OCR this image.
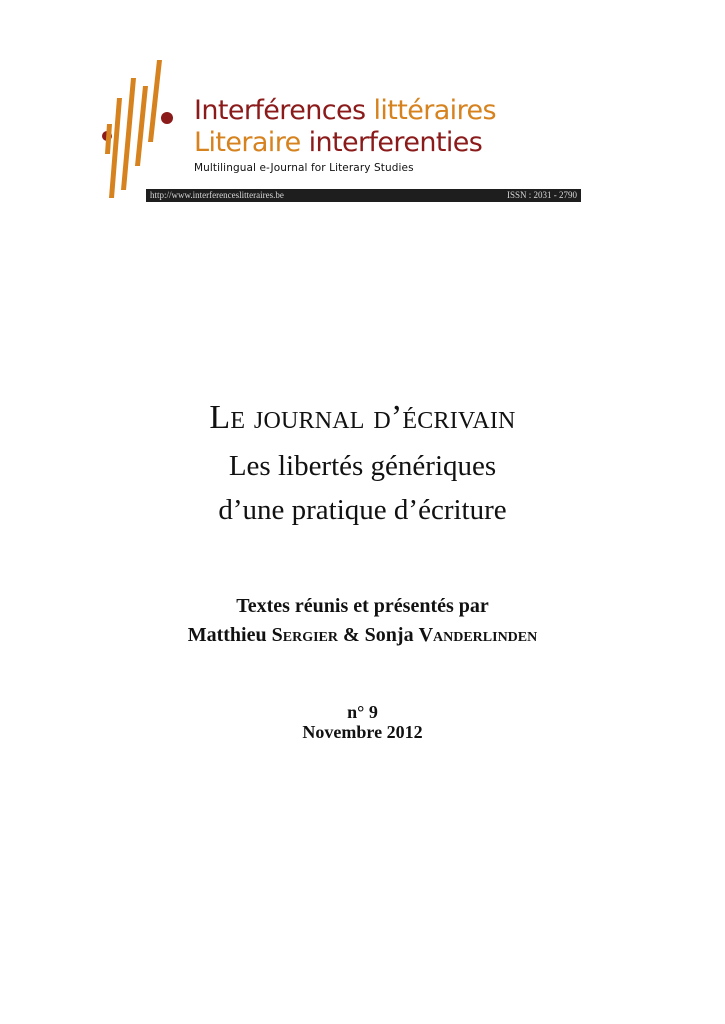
Interférences littéraires
Literaire interferenties
Multilingual e-Journal for Literary Studies
http://www.interferenceslitteraires.be	ISSN : 2031 - 2790
Le journal d’écrivain
Les libertés génériques
d’une pratique d’écriture
Textes réunis et présentés par
Matthieu Sergier & Sonja Vanderlinden
n° 9
Novembre 2012
